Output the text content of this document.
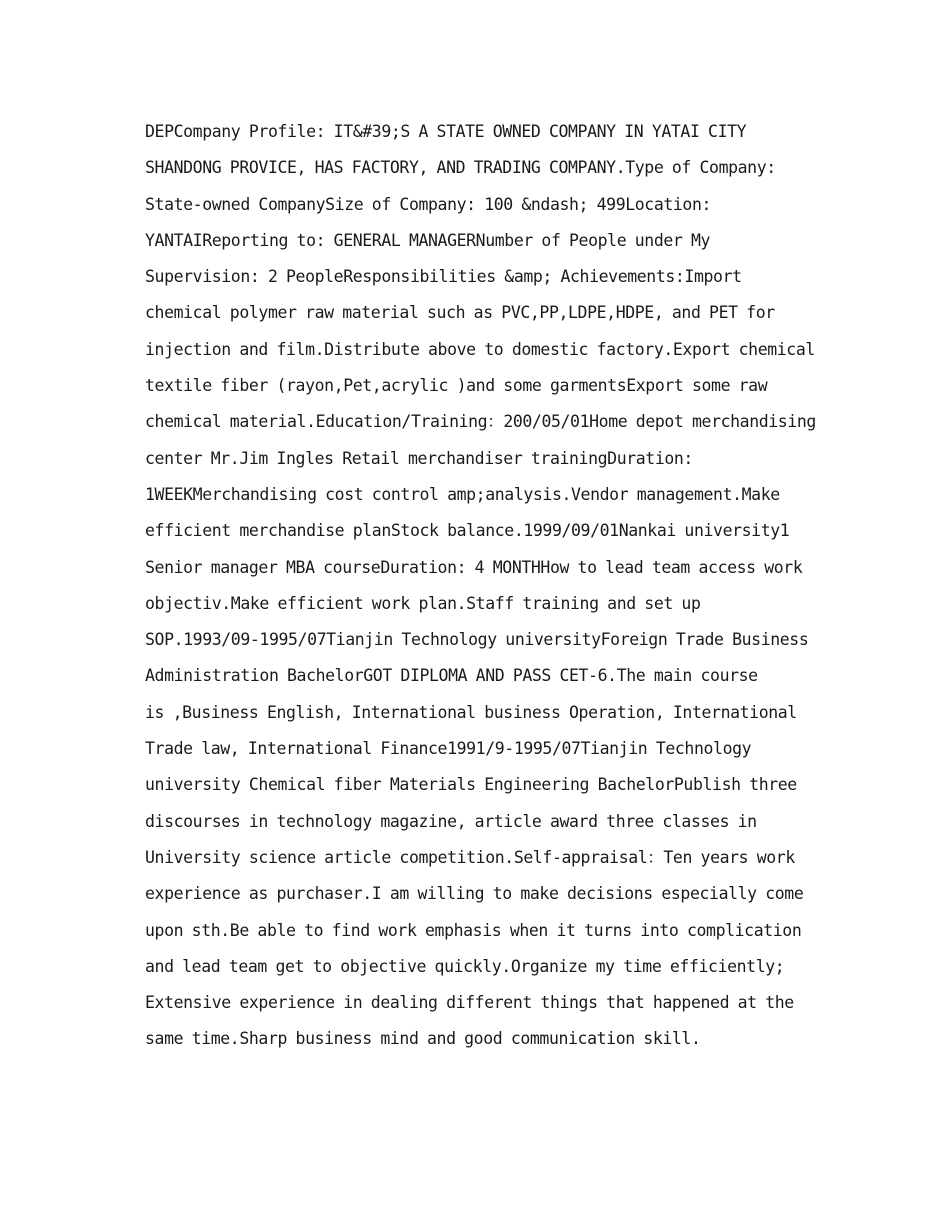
DEPCompany Profile: IT&#39;S A STATE OWNED COMPANY IN YATAI CITY
SHANDONG PROVICE, HAS FACTORY, AND TRADING COMPANY.Type of Company:
State-owned CompanySize of Company: 100 &ndash; 499Location:
YANTAIReporting to: GENERAL MANAGERNumber of People under My
Supervision: 2 PeopleResponsibilities &amp; Achievements:Import
chemical polymer raw material such as PVC,PP,LDPE,HDPE, and PET for
injection and film.Distribute above to domestic factory.Export chemical
textile fiber (rayon,Pet,acrylic )and some garmentsExport some raw
chemical material.Education/Training：200/05/01Home depot merchandising
center Mr.Jim Ingles Retail merchandiser trainingDuration:
1WEEKMerchandising cost control amp;analysis.Vendor management.Make
efficient merchandise planStock balance.1999/09/01Nankai university1
Senior manager MBA courseDuration: 4 MONTHHow to lead team access work
objectiv.Make efficient work plan.Staff training and set up
SOP.1993/09-1995/07Tianjin Technology universityForeign Trade Business
Administration BachelorGOT DIPLOMA AND PASS CET-6.The main course
is ,Business English, International business Operation, International
Trade law, International Finance1991/9-1995/07Tianjin Technology
university Chemical fiber Materials Engineering BachelorPublish three
discourses in technology magazine, article award three classes in
University science article competition.Self-appraisal：Ten years work
experience as purchaser.I am willing to make decisions especially come
upon sth.Be able to find work emphasis when it turns into complication
and lead team get to objective quickly.Organize my time efficiently;
Extensive experience in dealing different things that happened at the
same time.Sharp business mind and good communication skill.
